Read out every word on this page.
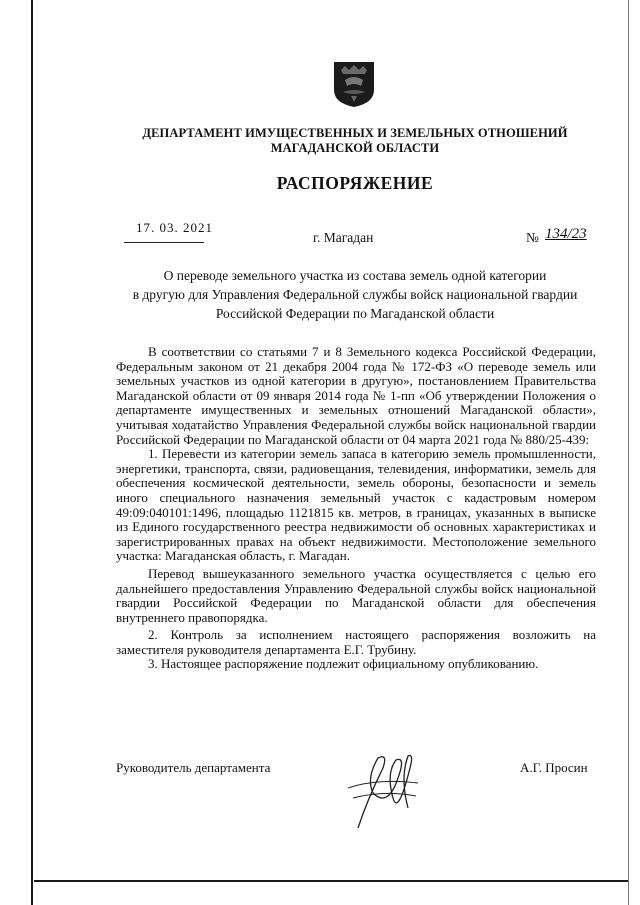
ДЕПАРТАМЕНТ ИМУЩЕСТВЕННЫХ И ЗЕМЕЛЬНЫХ ОТНОШЕНИЙ
МАГАДАНСКОЙ ОБЛАСТИ
РАСПОРЯЖЕНИЕ
17. 03. 2021
г. Магадан	№ 134/23
О переводе земельного участка из состава земель одной категории
в другую для Управления Федеральной службы войск национальной гвардии
Российской Федерации по Магаданской области

В соответствии со статьями 7 и 8 Земельного кодекса Российской Федерации, Федеральным законом от 21 декабря 2004 года № 172-ФЗ «О переводе земель или земельных участков из одной категории в другую», постановлением Правительства Магаданской области от 09 января 2014 года № 1-пп «Об утверждении Положения о департаменте имущественных и земельных отношений Магаданской области», учитывая ходатайство Управления Федеральной службы войск национальной гвардии Российской Федерации по Магаданской области от 04 марта 2021 года № 880/25-439:

1. Перевести из категории земель запаса в категорию земель промышленности, энергетики, транспорта, связи, радиовещания, телевидения, информатики, земель для обеспечения космической деятельности, земель обороны, безопасности и земель иного специального назначения земельный участок с кадастровым номером 49:09:040101:1496, площадью 1121815 кв. метров, в границах, указанных в выписке из Единого государственного реестра недвижимости об основных характеристиках и зарегистрированных правах на объект недвижимости. Местоположение земельного участка: Магаданская область, г. Магадан.

Перевод вышеуказанного земельного участка осуществляется с целью его дальнейшего предоставления Управлению Федеральной службы войск национальной гвардии Российской Федерации по Магаданской области для обеспечения внутреннего правопорядка.

2. Контроль за исполнением настоящего распоряжения возложить на заместителя руководителя департамента Е.Г. Трубину.

3. Настоящее распоряжение подлежит официальному опубликованию.

Руководитель департамента	А.Г. Просин
